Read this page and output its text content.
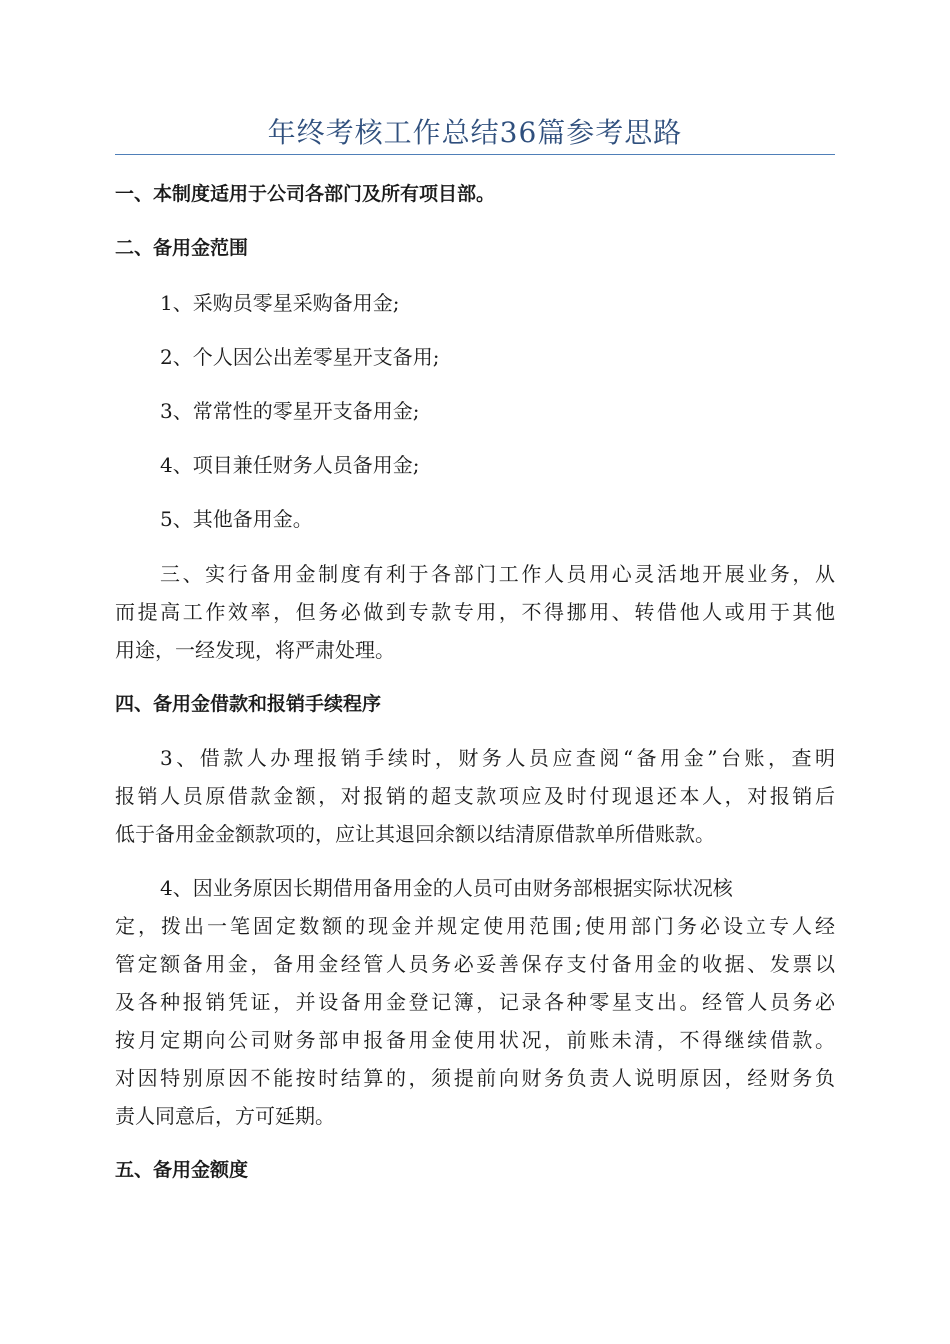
年终考核工作总结36篇参考思路
一、本制度适用于公司各部门及所有项目部。
二、备用金范围
1、采购员零星采购备用金;
2、个人因公出差零星开支备用;
3、常常性的零星开支备用金;
4、项目兼任财务人员备用金;
5、其他备用金。
三、实行备用金制度有利于各部门工作人员用心灵活地开展业务，从
而提高工作效率，但务必做到专款专用，不得挪用、转借他人或用于其他
用途，一经发现，将严肃处理。
四、备用金借款和报销手续程序
3、借款人办理报销手续时，财务人员应查阅“备用金”台账，查明
报销人员原借款金额，对报销的超支款项应及时付现退还本人，对报销后
低于备用金金额款项的，应让其退回余额以结清原借款单所借账款。
4、因业务原因长期借用备用金的人员可由财务部根据实际状况核
定，拨出一笔固定数额的现金并规定使用范围;使用部门务必设立专人经
管定额备用金，备用金经管人员务必妥善保存支付备用金的收据、发票以
及各种报销凭证，并设备用金登记簿，记录各种零星支出。经管人员务必
按月定期向公司财务部申报备用金使用状况，前账未清，不得继续借款。
对因特别原因不能按时结算的，须提前向财务负责人说明原因，经财务负
责人同意后，方可延期。
五、备用金额度
